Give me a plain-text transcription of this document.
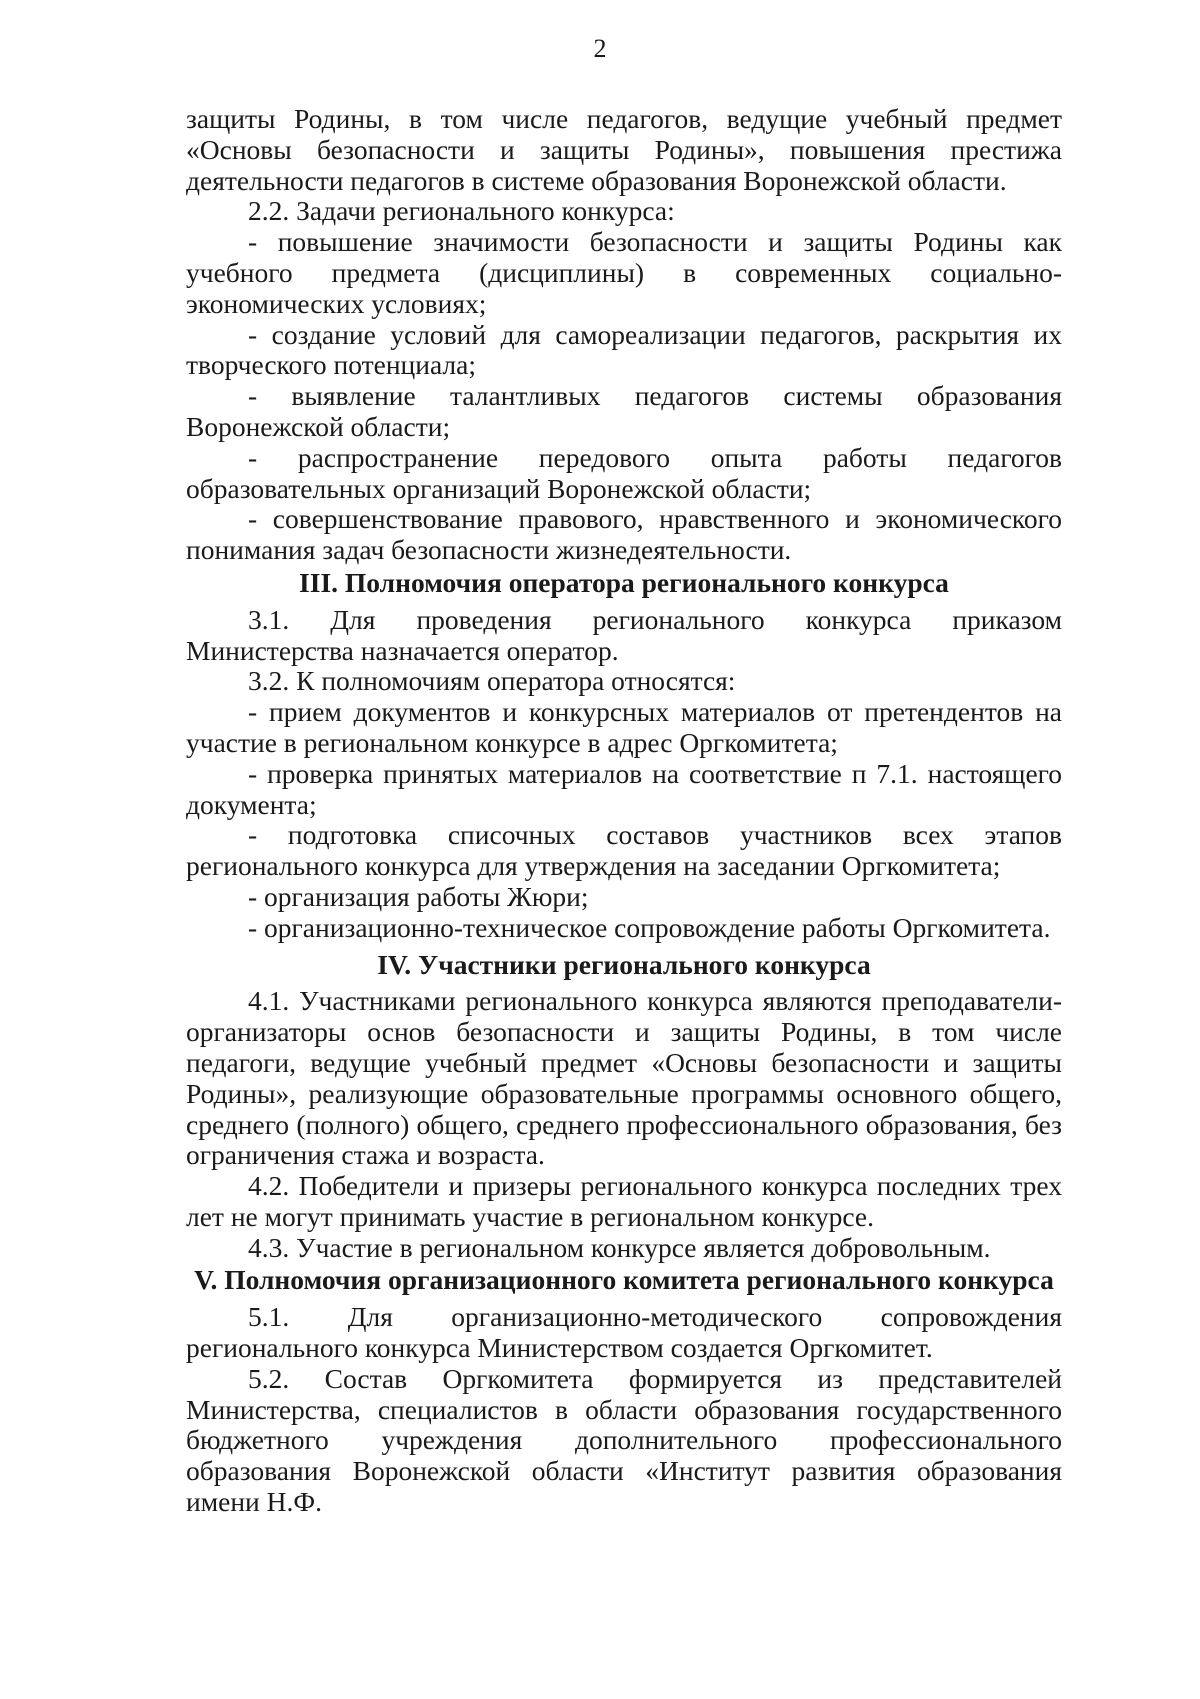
2

защиты Родины, в том числе педагогов, ведущие учебный предмет «Основы безопасности и защиты Родины», повышения престижа деятельности педагогов в системе образования Воронежской области.

2.2. Задачи регионального конкурса:

- повышение значимости безопасности и защиты Родины как учебного предмета (дисциплины) в современных социально-экономических условиях;

- создание условий для самореализации педагогов, раскрытия их творческого потенциала;

- выявление талантливых педагогов системы образования Воронежской области;

- распространение передового опыта работы педагогов образовательных организаций Воронежской области;

- совершенствование правового, нравственного и экономического понимания задач безопасности жизнедеятельности.

III. Полномочия оператора регионального конкурса

3.1. Для проведения регионального конкурса приказом Министерства назначается оператор.

3.2. К полномочиям оператора относятся:

- прием документов и конкурсных материалов от претендентов на участие в региональном конкурсе в адрес Оргкомитета;

- проверка принятых материалов на соответствие п 7.1. настоящего документа;

- подготовка списочных составов участников всех этапов регионального конкурса для утверждения на заседании Оргкомитета;

- организация работы Жюри;

- организационно-техническое сопровождение работы Оргкомитета.

IV. Участники регионального конкурса

4.1. Участниками регионального конкурса являются преподаватели-организаторы основ безопасности и защиты Родины, в том числе педагоги, ведущие учебный предмет «Основы безопасности и защиты Родины», реализующие образовательные программы основного общего, среднего (полного) общего, среднего профессионального образования, без ограничения стажа и возраста.

4.2. Победители и призеры регионального конкурса последних трех лет не могут принимать участие в региональном конкурсе.

4.3. Участие в региональном конкурсе является добровольным.

V. Полномочия организационного комитета регионального конкурса

5.1. Для организационно-методического сопровождения регионального конкурса Министерством создается Оргкомитет.

5.2. Состав Оргкомитета формируется из представителей Министерства, специалистов в области образования государственного бюджетного учреждения дополнительного профессионального образования Воронежской области «Институт развития образования имени Н.Ф.
